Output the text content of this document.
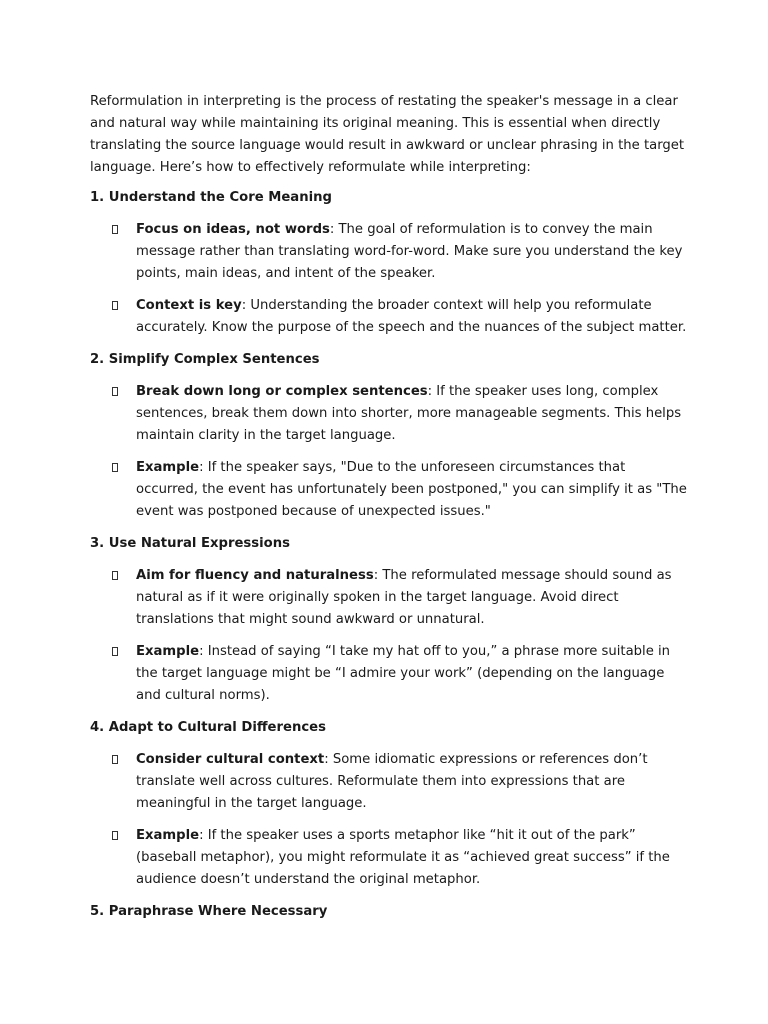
Reformulation in interpreting is the process of restating the speaker's message in a clear and natural way while maintaining its original meaning. This is essential when directly translating the source language would result in awkward or unclear phrasing in the target language. Here’s how to effectively reformulate while interpreting:

1. Understand the Core Meaning

Focus on ideas, not words: The goal of reformulation is to convey the main message rather than translating word-for-word. Make sure you understand the key points, main ideas, and intent of the speaker.
Context is key: Understanding the broader context will help you reformulate accurately. Know the purpose of the speech and the nuances of the subject matter.

2. Simplify Complex Sentences

Break down long or complex sentences: If the speaker uses long, complex sentences, break them down into shorter, more manageable segments. This helps maintain clarity in the target language.
Example: If the speaker says, "Due to the unforeseen circumstances that occurred, the event has unfortunately been postponed," you can simplify it as "The event was postponed because of unexpected issues."

3. Use Natural Expressions

Aim for fluency and naturalness: The reformulated message should sound as natural as if it were originally spoken in the target language. Avoid direct translations that might sound awkward or unnatural.
Example: Instead of saying “I take my hat off to you,” a phrase more suitable in the target language might be “I admire your work” (depending on the language and cultural norms).

4. Adapt to Cultural Differences

Consider cultural context: Some idiomatic expressions or references don’t translate well across cultures. Reformulate them into expressions that are meaningful in the target language.
Example: If the speaker uses a sports metaphor like “hit it out of the park” (baseball metaphor), you might reformulate it as “achieved great success” if the audience doesn’t understand the original metaphor.

5. Paraphrase Where Necessary
